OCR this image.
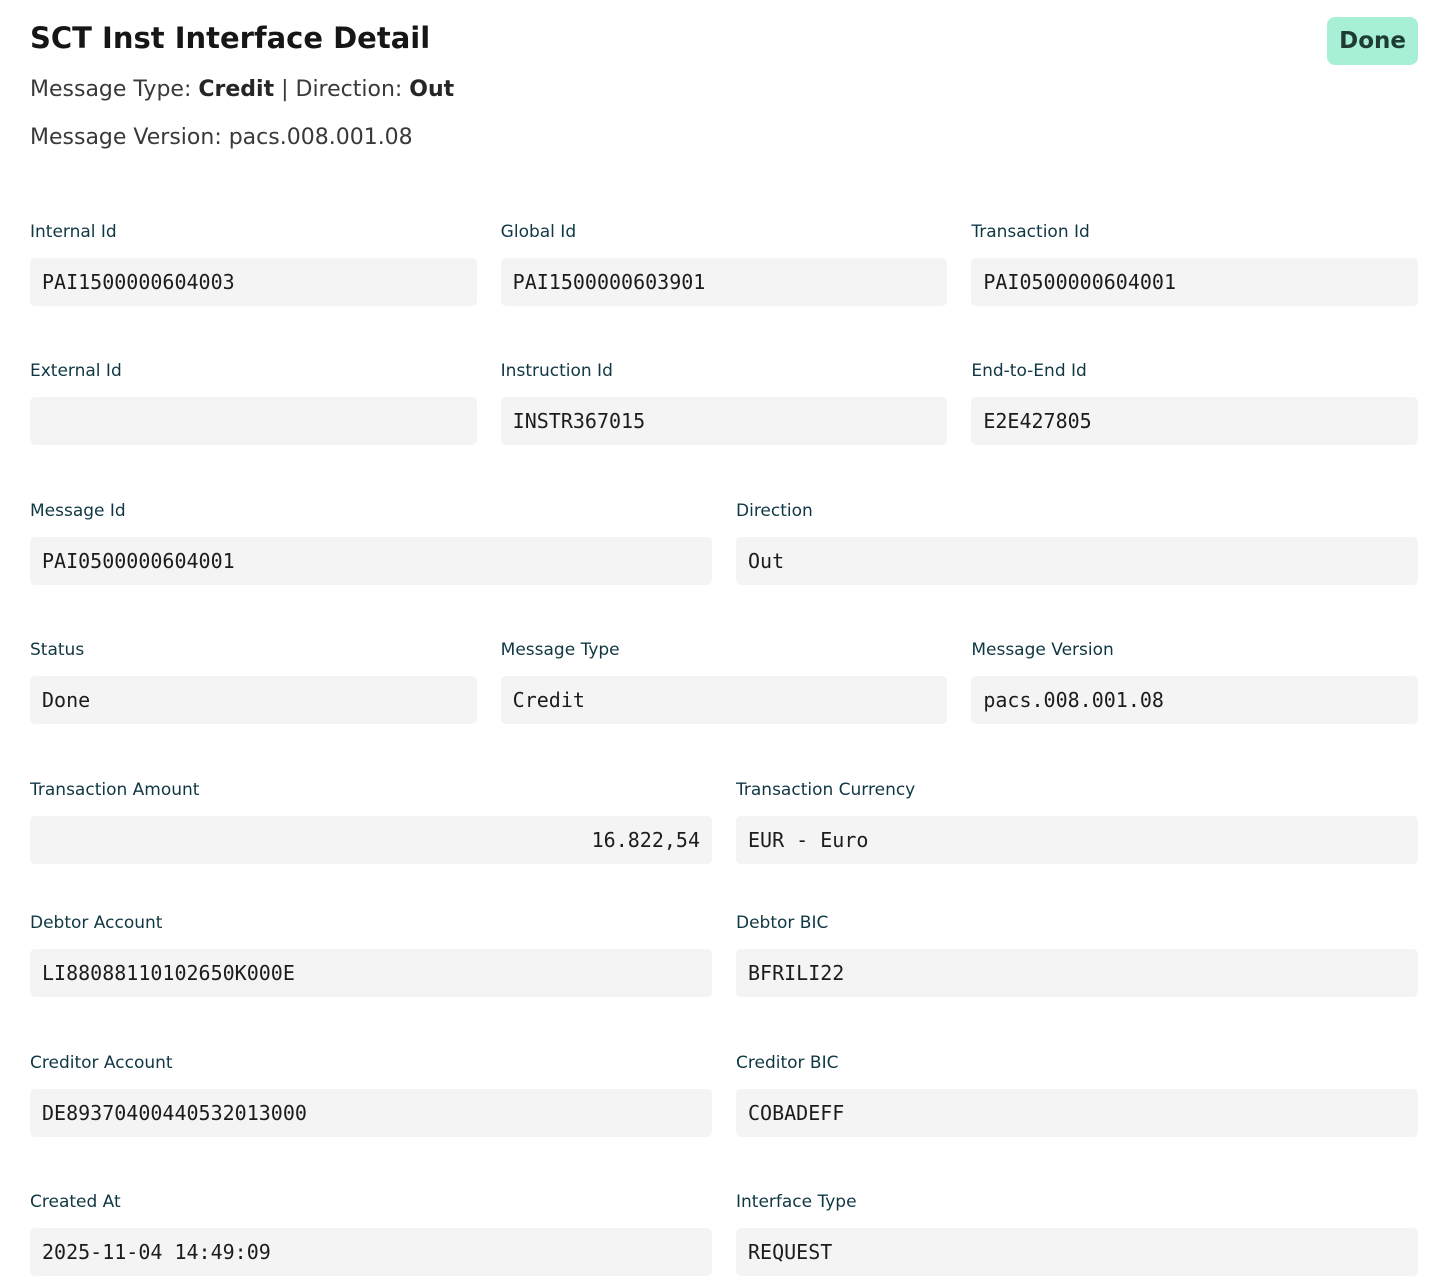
SCT Inst Interface Detail	Done
Message Type: Credit | Direction: Out
Message Version: pacs.008.001.08
Internal Id
PAI1500000604003
Global Id
PAI1500000603901
Transaction Id
PAI0500000604001
External Id	Instruction Id
INSTR367015
End-to-End Id
E2E427805
Message Id
PAI0500000604001
Direction
Out
Status
Done
Message Type
Credit
Message Version
pacs.008.001.08
Transaction Amount
16.822,54
Transaction Currency
EUR - Euro
Debtor Account
LI88088110102650K000E
Debtor BIC
BFRILI22
Creditor Account
DE89370400440532013000
Creditor BIC
COBADEFF
Created At
2025-11-04 14:49:09
Interface Type
REQUEST
